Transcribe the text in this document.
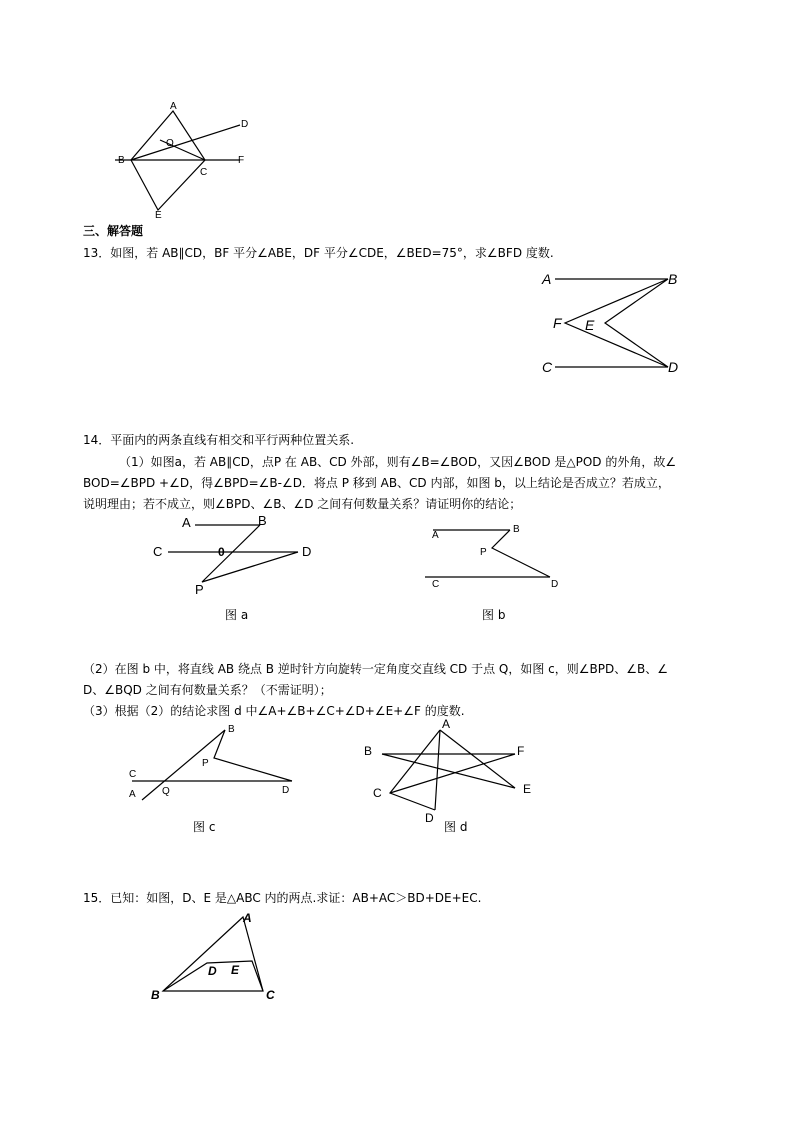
A
B
C
D
E
F
O
三、解答题
13．如图，若 AB∥CD，BF 平分∠ABE，DF 平分∠CDE，∠BED=75°，求∠BFD 度数.
A	B
C	D
E
F
14．平面内的两条直线有相交和平行两种位置关系.
（1）如图a，若 AB∥CD，点P 在 AB、CD 外部，则有∠B=∠BOD，又因∠BOD 是△POD 的外角，故∠
BOD=∠BPD +∠D，得∠BPD=∠B-∠D．将点 P 移到 AB、CD 内部，如图 b，以上结论是否成立？若成立，
说明理由；若不成立，则∠BPD、∠B、∠D 之间有何数量关系？请证明你的结论；
A	B
C	D
0
P
图 a
A
B
C	D
P
图 b
（2）在图 b 中，将直线 AB 绕点 B 逆时针方向旋转一定角度交直线 CD 于点 Q，如图 c，则∠BPD、∠B、∠
D、∠BQD 之间有何数量关系？（不需证明）；
（3）根据（2）的结论求图 d 中∠A+∠B+∠C+∠D+∠E+∠F 的度数.
C
A
B
P
Q	D
图 c
A
B
C
D
E
F
图 d
15．已知：如图，D、E 是△ABC 内的两点.求证：AB+AC＞BD+DE+EC.
A
B	C
D E
